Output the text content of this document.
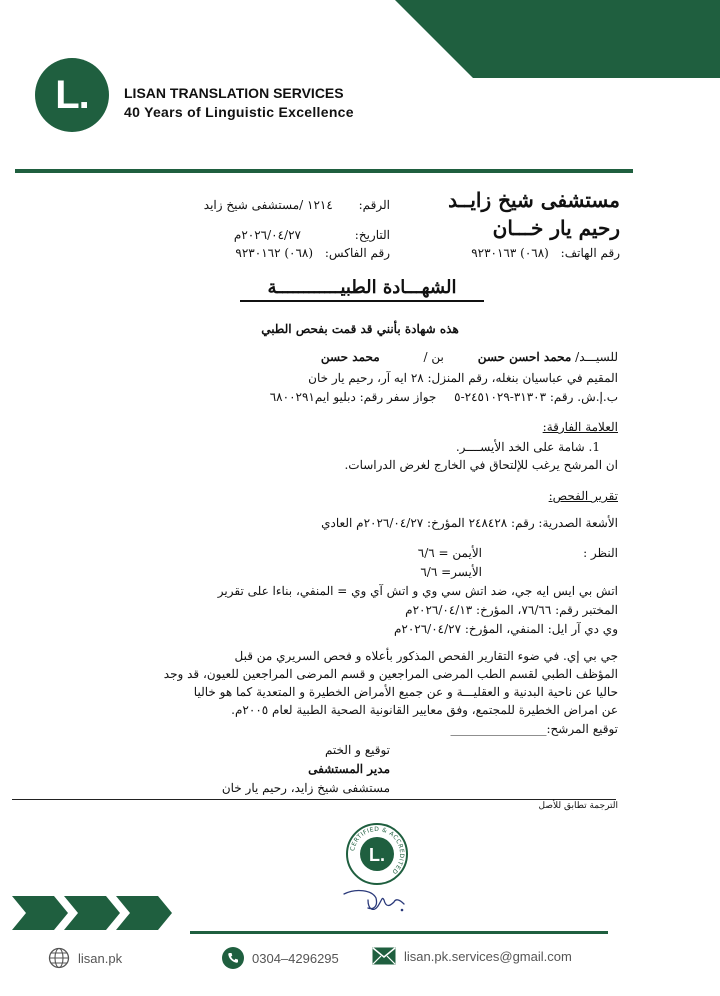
L.	LISAN TRANSLATION SERVICES
40 Years of Linguistic Excellence
مستشفى شيخ زايــد
رحيم يار خـــان
رقم الهاتف: (٠٦٨) ٩٢٣٠١٦٣
الرقم: ١٢١٤ /مستشفى شيخ زايد
التاريخ: ٢٠٢٦/٠٤/٢٧م
رقم الفاكس: (٠٦٨) ٩٢٣٠١٦٢
الشهـــادة الطبيــــــــــــة
هذه شهادة بأنني قد قمت بفحص الطبي
للسيـــد/ محمد احسن حسن بن / محمد حسن
المقيم في عباسيان بنغله، رقم المنزل: ٢٨ ايه آر، رحيم يار خان
ب.إ.ش. رقم: ٣١٣٠٣-٢٤٥١٠٢٩-٥ جواز سفر رقم: دبليو ايم٦٨٠٠٢٩١
العلامة الفارقة:
1. شامة على الخد الأيســــر.
ان المرشح يرغب للإلتحاق في الخارج لغرض الدراسات.
تقرير الفحص:
الأشعة الصدرية: رقم: ٢٤٨٤٢٨ المؤرخ: ٢٠٢٦/٠٤/٢٧م العادي
النظر :
الأيمن = ٦/٦
الأيسر= ٦/٦
اتش بي ايس ايه جي، ضد اتش سي وي و اتش آي وي = المنفي، بناءا على تقرير
المختبر رقم: ٧٦/٦٦، المؤرخ: ٢٠٢٦/٠٤/١٣م
وي دي آر ايل: المنفي، المؤرخ: ٢٠٢٦/٠٤/٢٧م
جي بي إي. في ضوء التقارير الفحص المذكور بأعلاه و فحص السريري من قبل
المؤظف الطبي لقسم الطب المرضى المراجعين و قسم المرضى المراجعين للعيون، قد وجد
حاليا عن ناحية البدنية و العقليـــة و عن جميع الأمراض الخطيرة و المتعدية كما هو خاليا
عن امراض الخطيرة للمجتمع، وفق معايير القانونية الصحية الطبية لعام ٢٠٠٥م.
توقيع المرشح:________________
توقيع و الختم
مدير المستشفى
مستشفى شيخ زايد، رحيم يار خان
الترجمة تطابق للأصل
CERTIFIED & ACCREDITED
L.
lisan.pk	0304–4296295	lisan.pk.services@gmail.com
